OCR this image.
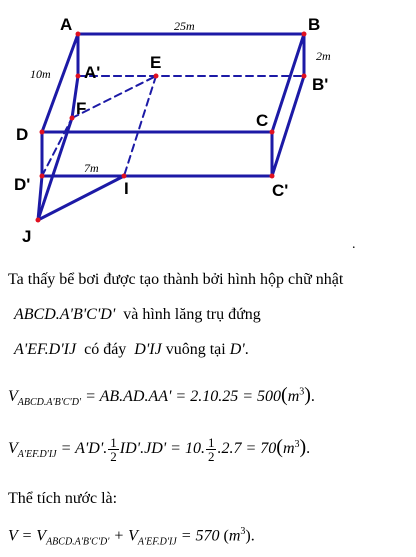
A	B
A'
E
B'
F
C
D
D'	I	C'
J
25m
2m
10m
7m
.
Ta thấy bể bơi được tạo thành bởi hình hộp chữ nhật
ABCD.A'B'C'D' và hình lăng trụ đứng
A'EF.D'IJ có đáy D'IJ vuông tại D'.
$V_{ABCD.A'B'C'D'} = AB.AD.AA' = 2.10.25 = 500(m^3)$.
$V_{A'EF.D'IJ} = A'D'$. $\frac{1}{2} ID'.JD' = 10$. $\frac{1}{2} .2.7 = 70(m^3)$.
Thể tích nước là:
$V = V_{ABCD.A'B'C'D'} + V_{A'EF.D'IJ} = 570$ $(m^3)$.
